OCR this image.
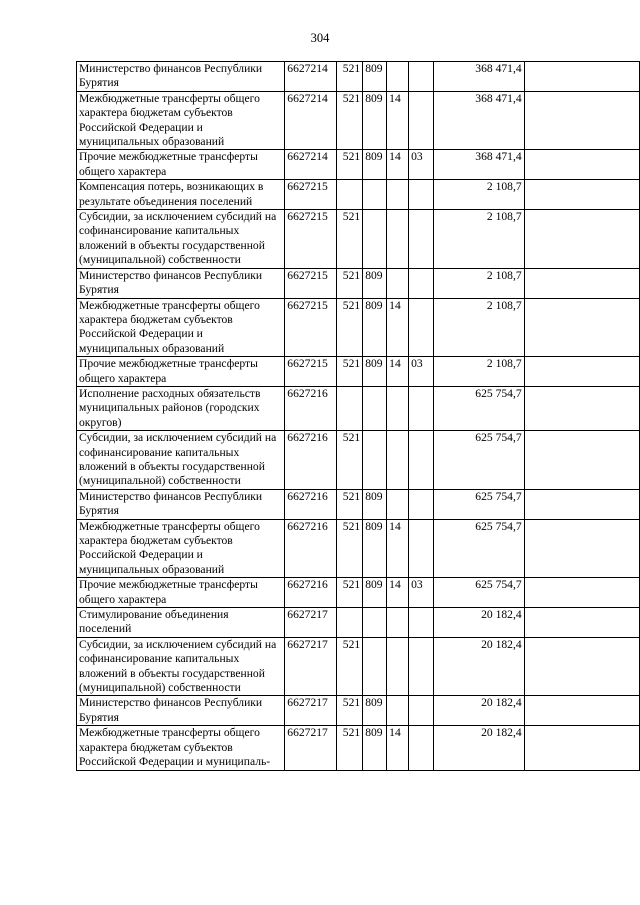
304
Министерство финансов Республики Бурятия	6627214	521	809			368 471,4	
Межбюджетные трансферты общего характера бюджетам субъектов Российской Федерации и муниципальных образований	6627214	521	809	14		368 471,4	
Прочие межбюджетные трансферты общего характера	6627214	521	809	14	03	368 471,4	
Компенсация потерь, возникающих в результате объединения поселений	6627215					2 108,7	
Субсидии, за исключением субсидий на софинансирование капитальных вложений в объекты государственной (муниципальной) собственности	6627215	521				2 108,7	
Министерство финансов Республики Бурятия	6627215	521	809			2 108,7	
Межбюджетные трансферты общего характера бюджетам субъектов Российской Федерации и муниципальных образований	6627215	521	809	14		2 108,7	
Прочие межбюджетные трансферты общего характера	6627215	521	809	14	03	2 108,7	
Исполнение расходных обязательств муниципальных районов (городских округов)	6627216					625 754,7	
Субсидии, за исключением субсидий на софинансирование капитальных вложений в объекты государственной (муниципальной) собственности	6627216	521				625 754,7	
Министерство финансов Республики Бурятия	6627216	521	809			625 754,7	
Межбюджетные трансферты общего характера бюджетам субъектов Российской Федерации и муниципальных образований	6627216	521	809	14		625 754,7	
Прочие межбюджетные трансферты общего характера	6627216	521	809	14	03	625 754,7	
Стимулирование объединения поселений	6627217					20 182,4	
Субсидии, за исключением субсидий на софинансирование капитальных вложений в объекты государственной (муниципальной) собственности	6627217	521				20 182,4	
Министерство финансов Республики Бурятия	6627217	521	809			20 182,4	
Межбюджетные трансферты общего характера бюджетам субъектов Российской Федерации и муниципаль-	6627217	521	809	14		20 182,4	
